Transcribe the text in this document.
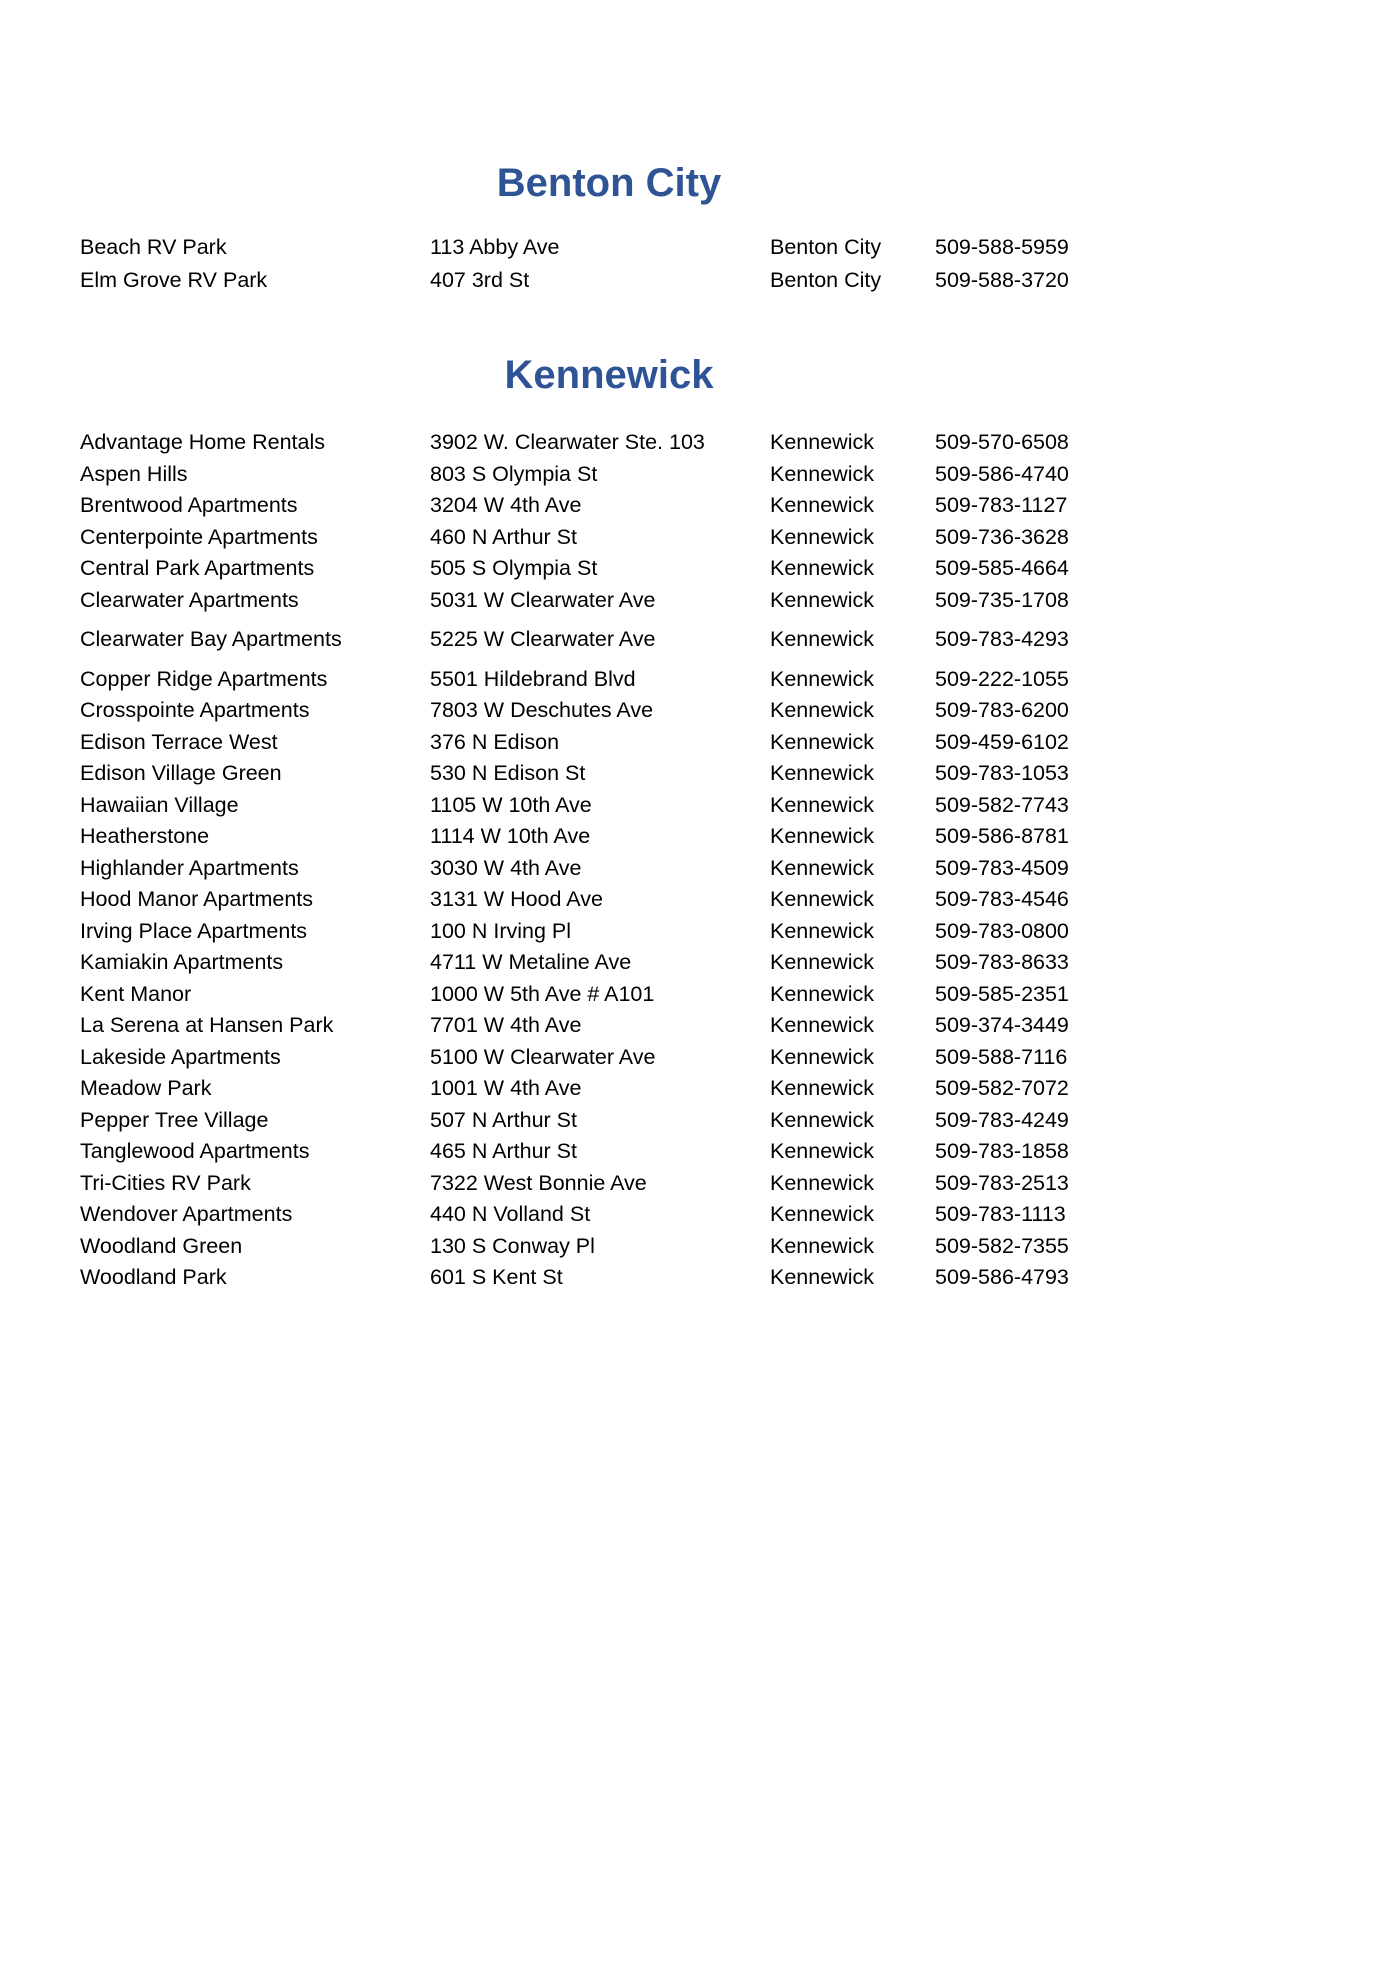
Benton City
Beach RV Park	113 Abby Ave	Benton City	509-588-5959
Elm Grove RV Park	407 3rd St	Benton City	509-588-3720
Kennewick
Advantage Home Rentals	3902 W. Clearwater Ste. 103	Kennewick	509-570-6508
Aspen Hills	803 S Olympia St	Kennewick	509-586-4740
Brentwood Apartments	3204 W 4th Ave	Kennewick	509-783-1127
Centerpointe Apartments	460 N Arthur St	Kennewick	509-736-3628
Central Park Apartments	505 S Olympia St	Kennewick	509-585-4664
Clearwater Apartments	5031 W Clearwater Ave	Kennewick	509-735-1708
Clearwater Bay Apartments	5225 W Clearwater Ave	Kennewick	509-783-4293
Copper Ridge Apartments	5501 Hildebrand Blvd	Kennewick	509-222-1055
Crosspointe Apartments	7803 W Deschutes Ave	Kennewick	509-783-6200
Edison Terrace West	376 N Edison	Kennewick	509-459-6102
Edison Village Green	530 N Edison St	Kennewick	509-783-1053
Hawaiian Village	1105 W 10th Ave	Kennewick	509-582-7743
Heatherstone	1114 W 10th Ave	Kennewick	509-586-8781
Highlander Apartments	3030 W 4th Ave	Kennewick	509-783-4509
Hood Manor Apartments	3131 W Hood Ave	Kennewick	509-783-4546
Irving Place Apartments	100 N Irving Pl	Kennewick	509-783-0800
Kamiakin Apartments	4711 W Metaline Ave	Kennewick	509-783-8633
Kent Manor	1000 W 5th Ave # A101	Kennewick	509-585-2351
La Serena at Hansen Park	7701 W 4th Ave	Kennewick	509-374-3449
Lakeside Apartments	5100 W Clearwater Ave	Kennewick	509-588-7116
Meadow Park	1001 W 4th Ave	Kennewick	509-582-7072
Pepper Tree Village	507 N Arthur St	Kennewick	509-783-4249
Tanglewood Apartments	465 N Arthur St	Kennewick	509-783-1858
Tri-Cities RV Park	7322 West Bonnie Ave	Kennewick	509-783-2513
Wendover Apartments	440 N Volland St	Kennewick	509-783-1113
Woodland Green	130 S Conway Pl	Kennewick	509-582-7355
Woodland Park	601 S Kent St	Kennewick	509-586-4793
